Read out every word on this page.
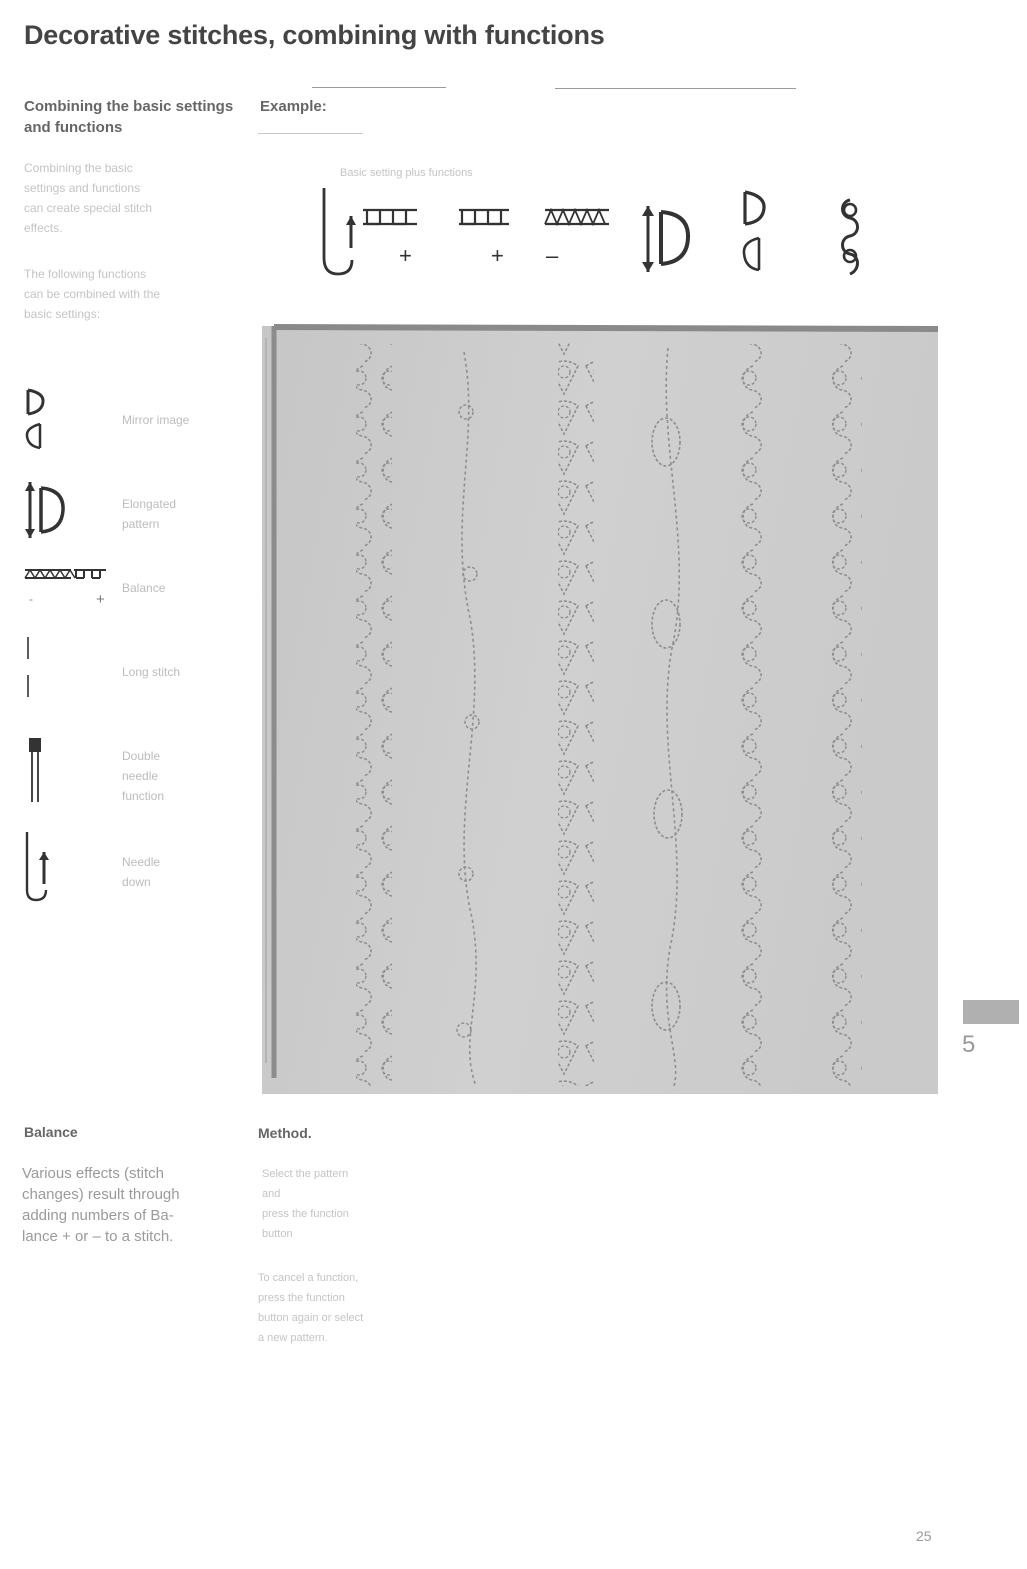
Decorative stitches, combining with functions
Combining the basic settings and functions
Combining the basic
settings and functions
can create special stitch
effects.
The following functions
can be combined with the
basic settings:
Mirror image
Elongated
pattern
-	+
Balance
Long stitch
Double
needle
function
Needle
down
Example:
Basic setting plus functions
+	+ –
5
Balance
Various effects (stitch
changes) result through
adding numbers of Ba-
lance + or – to a stitch.
Method.
Select the pattern
and
press the function
button
To cancel a function,
press the function
button again or select
a new pattern.
25
